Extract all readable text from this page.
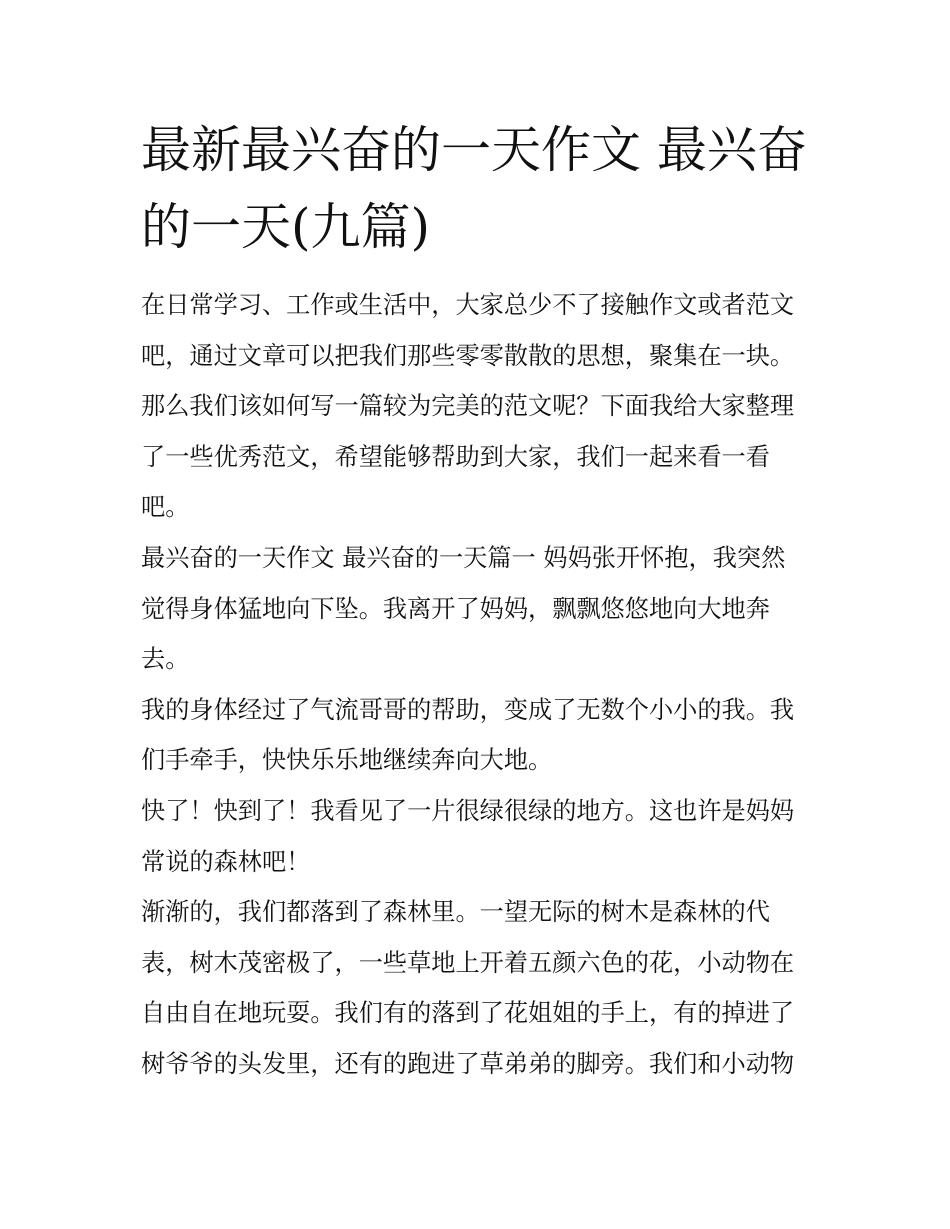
最新最兴奋的一天作文 最兴奋
的一天(九篇)

在日常学习、工作或生活中，大家总少不了接触作文或者范文
吧，通过文章可以把我们那些零零散散的思想，聚集在一块。
那么我们该如何写一篇较为完美的范文呢？下面我给大家整理
了一些优秀范文，希望能够帮助到大家，我们一起来看一看
吧。

最兴奋的一天作文 最兴奋的一天篇一 妈妈张开怀抱，我突然
觉得身体猛地向下坠。我离开了妈妈，飘飘悠悠地向大地奔
去。

我的身体经过了气流哥哥的帮助，变成了无数个小小的我。我
们手牵手，快快乐乐地继续奔向大地。

快了！快到了！我看见了一片很绿很绿的地方。这也许是妈妈
常说的森林吧！

渐渐的，我们都落到了森林里。一望无际的树木是森林的代
表，树木茂密极了，一些草地上开着五颜六色的花，小动物在
自由自在地玩耍。我们有的落到了花姐姐的手上，有的掉进了
树爷爷的头发里，还有的跑进了草弟弟的脚旁。我们和小动物
